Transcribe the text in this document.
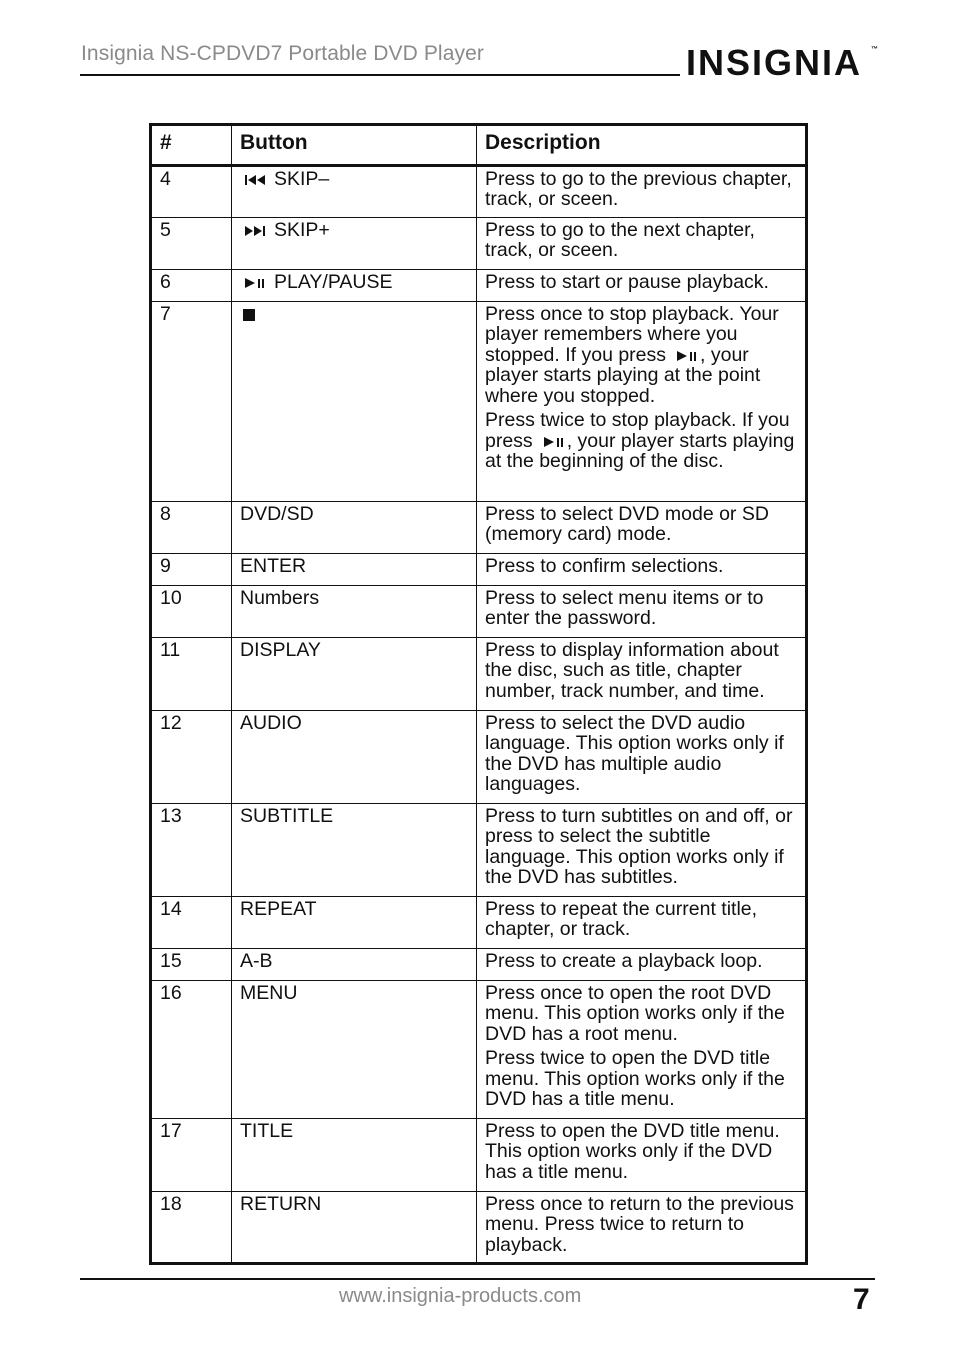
Insignia NS-CPDVD7 Portable DVD Player	INSIGNIA ™
#	Button	Description
4	SKIP–	Press to go to the previous chapter, track, or sceen.

5	SKIP+	Press to go to the next chapter, track, or sceen.

6	PLAY/PAUSE	Press to start or pause playback.

7		Press once to stop playback. Your player remembers where you stopped. If you press , your player starts playing at the point where you stopped.

Press twice to stop playback. If you press , your player starts playing at the beginning of the disc.

8	DVD/SD	Press to select DVD mode or SD (memory card) mode.

9	ENTER	Press to confirm selections.

10	Numbers	Press to select menu items or to enter the password.

11	DISPLAY	Press to display information about the disc, such as title, chapter number, track number, and time.

12	AUDIO	Press to select the DVD audio language. This option works only if the DVD has multiple audio languages.

13	SUBTITLE	Press to turn subtitles on and off, or press to select the subtitle language. This option works only if the DVD has subtitles.

14	REPEAT	Press to repeat the current title, chapter, or track.

15	A-B	Press to create a playback loop.

16	MENU	Press once to open the root DVD menu. This option works only if the DVD has a root menu.

Press twice to open the DVD title menu. This option works only if the DVD has a title menu.

17	TITLE	Press to open the DVD title menu. This option works only if the DVD has a title menu.

18	RETURN	Press once to return to the previous menu. Press twice to return to playback.

www.insignia-products.com	7
